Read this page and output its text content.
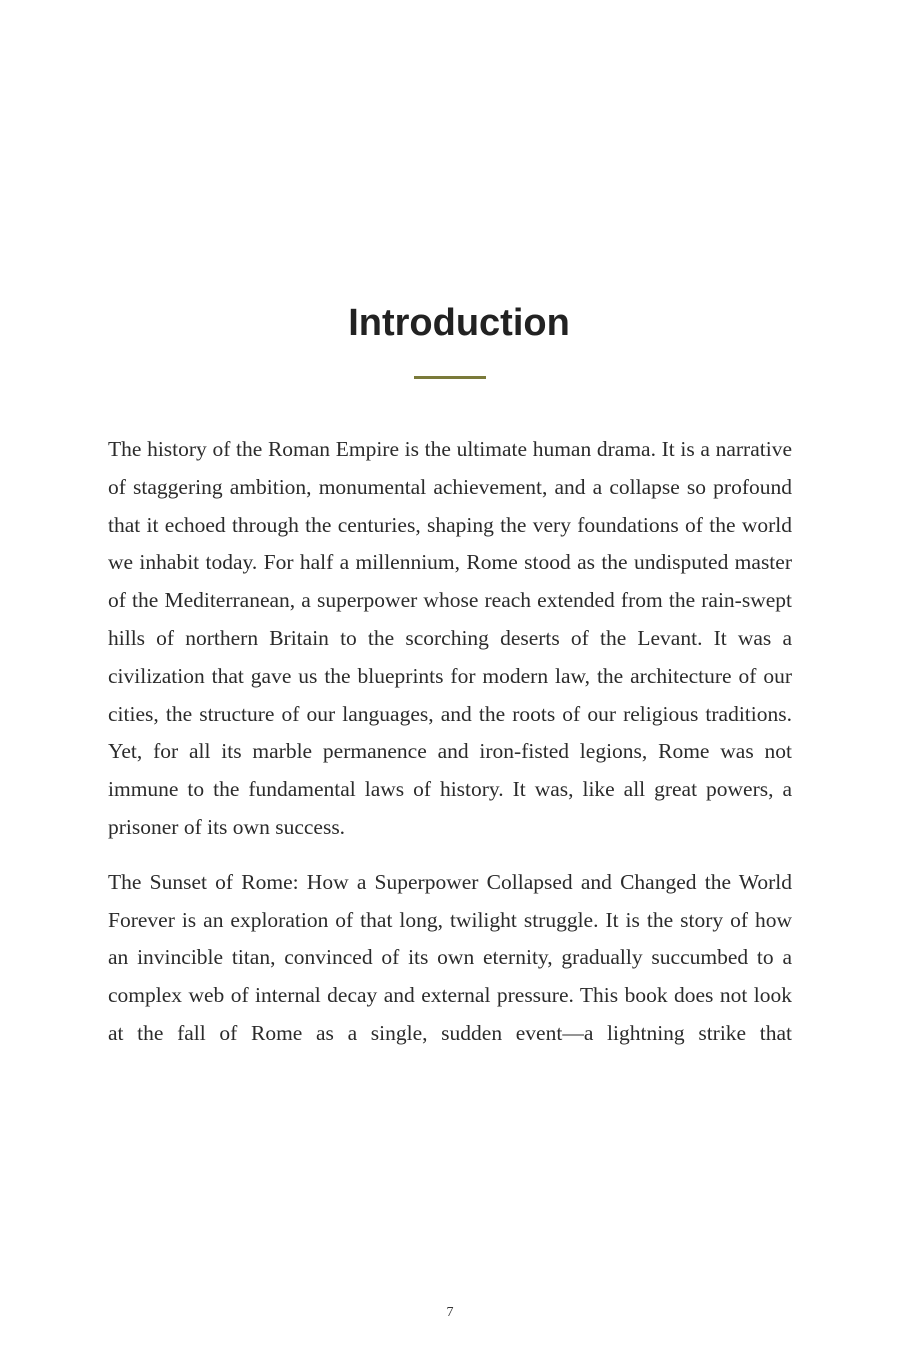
Introduction

The history of the Roman Empire is the ultimate human drama. It is a narrative of staggering ambition, monumental achievement, and a collapse so profound that it echoed through the centuries, shaping the very foundations of the world we inhabit today. For half a millennium, Rome stood as the undisputed master of the Mediterranean, a superpower whose reach extended from the rain-swept hills of northern Britain to the scorching deserts of the Levant. It was a civilization that gave us the blueprints for modern law, the architecture of our cities, the structure of our languages, and the roots of our religious traditions. Yet, for all its marble permanence and iron-fisted legions, Rome was not immune to the fundamental laws of history. It was, like all great powers, a prisoner of its own success.

The Sunset of Rome: How a Superpower Collapsed and Changed the World Forever is an exploration of that long, twilight struggle. It is the story of how an invincible titan, convinced of its own eternity, gradually succumbed to a complex web of internal decay and external pressure. This book does not look at the fall of Rome as a single, sudden event—a lightning strike that

7
